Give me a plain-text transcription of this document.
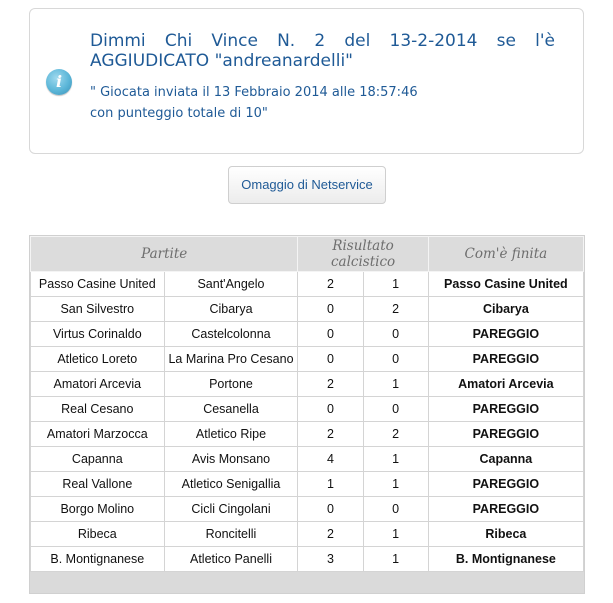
i
Dimmi Chi Vince N. 2 del 13-2-2014 se l'è
AGGIUDICATO "andreanardelli"

" Giocata inviata il 13 Febbraio 2014 alle 18:57:46
con punteggio totale di 10"

Omaggio di Netservice
Partite		Risultato calcistico		Com'è finita
Passo Casine United	Sant'Angelo	2	1	Passo Casine United
San Silvestro	Cibarya	0	2	Cibarya
Virtus Corinaldo	Castelcolonna	0	0	PAREGGIO
Atletico Loreto	La Marina Pro Cesano	0	0	PAREGGIO
Amatori Arcevia	Portone	2	1	Amatori Arcevia
Real Cesano	Cesanella	0	0	PAREGGIO
Amatori Marzocca	Atletico Ripe	2	2	PAREGGIO
Capanna	Avis Monsano	4	1	Capanna
Real Vallone	Atletico Senigallia	1	1	PAREGGIO
Borgo Molino	Cicli Cingolani	0	0	PAREGGIO
Ribeca	Roncitelli	2	1	Ribeca
B. Montignanese	Atletico Panelli	3	1	B. Montignanese
